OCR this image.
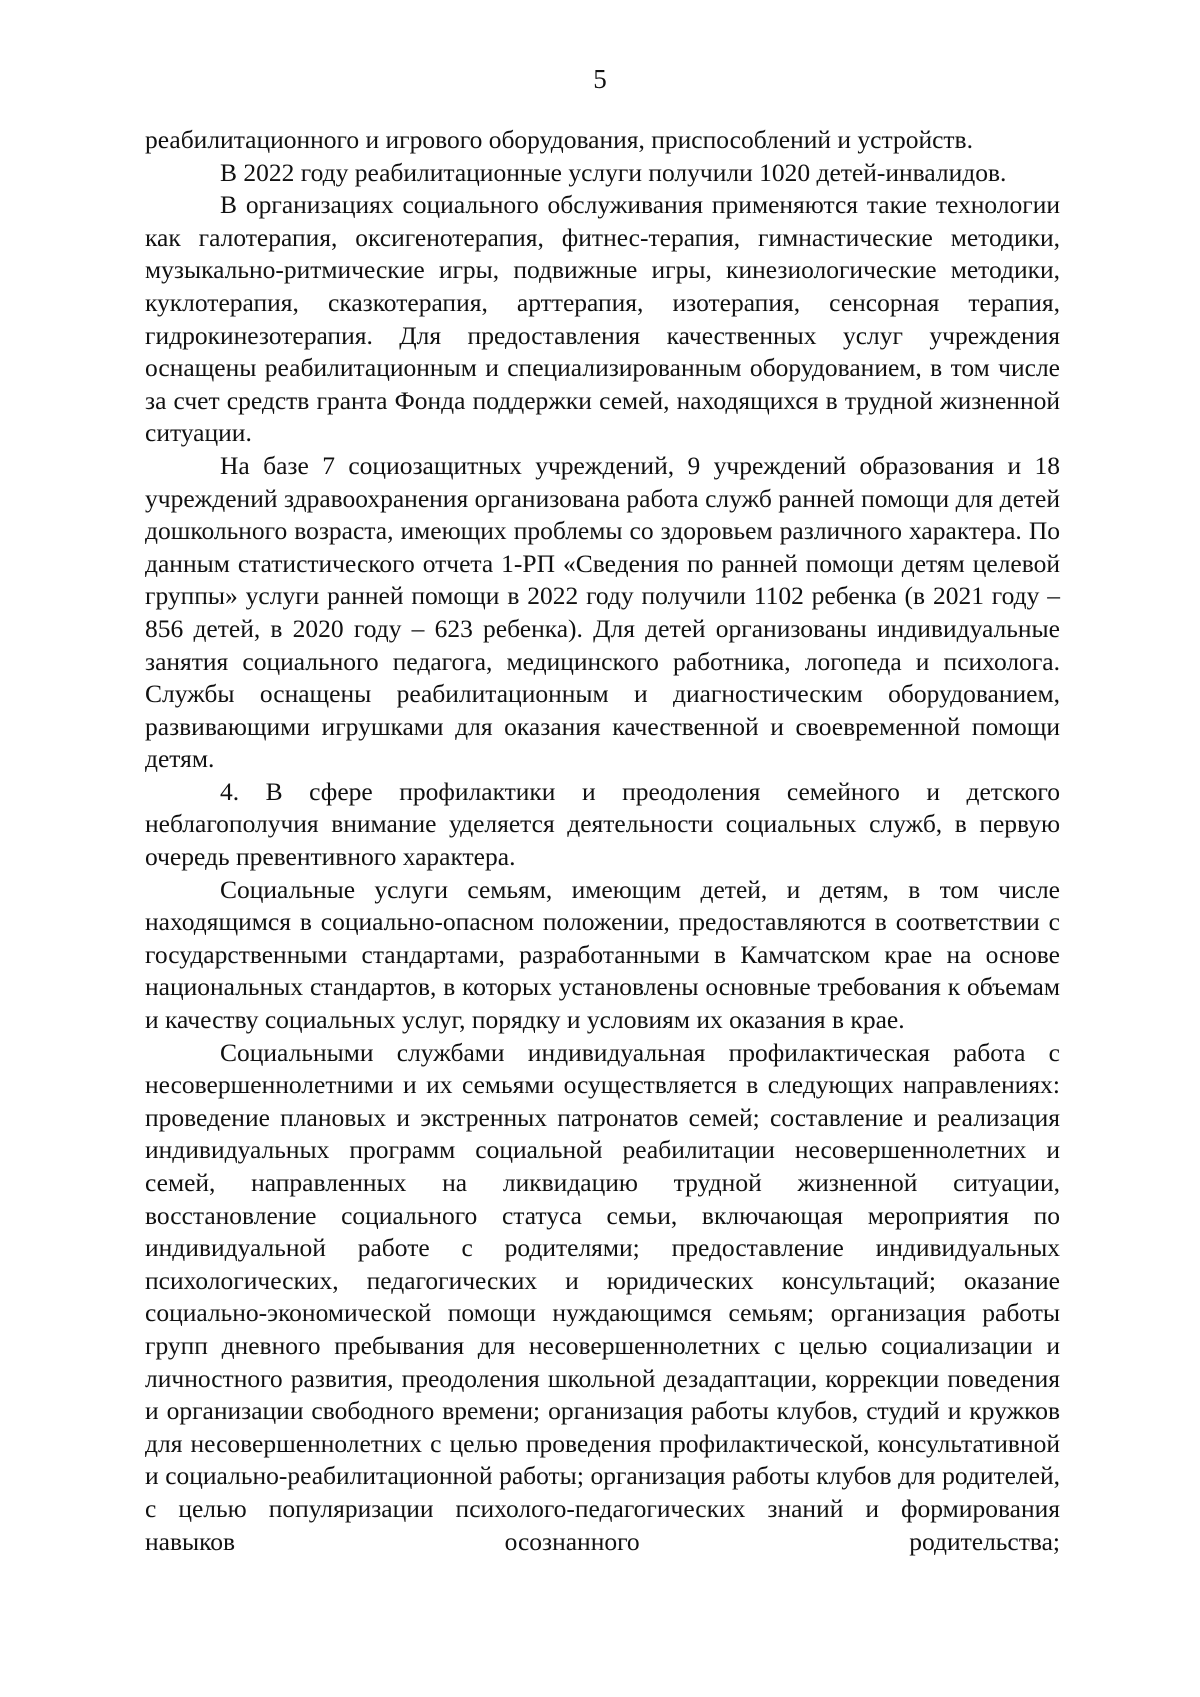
5

реабилитационного и игрового оборудования, приспособлений и устройств.

В 2022 году реабилитационные услуги получили 1020 детей-инвалидов.

В организациях социального обслуживания применяются такие технологии как галотерапия, оксигенотерапия, фитнес-терапия, гимнастические методики, музыкально-ритмические игры, подвижные игры, кинезиологические методики, куклотерапия, сказкотерапия, арттерапия, изотерапия, сенсорная терапия, гидрокинезотерапия. Для предоставления качественных услуг учреждения оснащены реабилитационным и специализированным оборудованием, в том числе за счет средств гранта Фонда поддержки семей, находящихся в трудной жизненной ситуации.

На базе 7 социозащитных учреждений, 9 учреждений образования и 18 учреждений здравоохранения организована работа служб ранней помощи для детей дошкольного возраста, имеющих проблемы со здоровьем различного характера. По данным статистического отчета 1-РП «Сведения по ранней помощи детям целевой группы» услуги ранней помощи в 2022 году получили 1102 ребенка (в 2021 году – 856 детей, в 2020 году – 623 ребенка). Для детей организованы индивидуальные занятия социального педагога, медицинского работника, логопеда и психолога. Службы оснащены реабилитационным и диагностическим оборудованием, развивающими игрушками для оказания качественной и своевременной помощи детям.

4. В сфере профилактики и преодоления семейного и детского неблагополучия внимание уделяется деятельности социальных служб, в первую очередь превентивного характера.

Социальные услуги семьям, имеющим детей, и детям, в том числе находящимся в социально-опасном положении, предоставляются в соответствии с государственными стандартами, разработанными в Камчатском крае на основе национальных стандартов, в которых установлены основные требования к объемам и качеству социальных услуг, порядку и условиям их оказания в крае.

Социальными службами индивидуальная профилактическая работа с несовершеннолетними и их семьями осуществляется в следующих направлениях: проведение плановых и экстренных патронатов семей; составление и реализация индивидуальных программ социальной реабилитации несовершеннолетних и семей, направленных на ликвидацию трудной жизненной ситуации, восстановление социального статуса семьи, включающая мероприятия по индивидуальной работе с родителями; предоставление индивидуальных психологических, педагогических и юридических консультаций; оказание социально-экономической помощи нуждающимся семьям; организация работы групп дневного пребывания для несовершеннолетних с целью социализации и личностного развития, преодоления школьной дезадаптации, коррекции поведения и организации свободного времени; организация работы клубов, студий и кружков для несовершеннолетних с целью проведения профилактической, консультативной и социально-реабилитационной работы; организация работы клубов для родителей, с целью популяризации психолого-педагогических знаний и формирования навыков осознанного родительства;
